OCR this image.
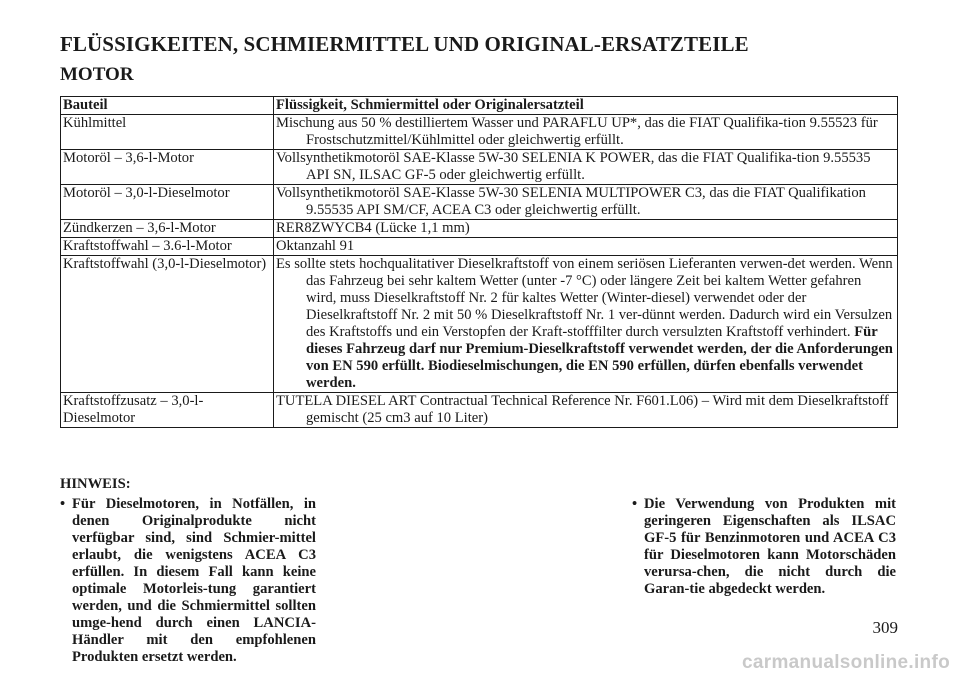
FLÜSSIGKEITEN, SCHMIERMITTEL UND ORIGINAL-ERSATZTEILE
MOTOR
Bauteil	Flüssigkeit, Schmiermittel oder Originalersatzteil
Kühlmittel	Mischung aus 50 % destilliertem Wasser und PARAFLU UP*, das die FIAT Qualifika-tion 9.55523 für Frostschutzmittel/Kühlmittel oder gleichwertig erfüllt.

Motoröl – 3,6-l-Motor	Vollsynthetikmotoröl SAE-Klasse 5W-30 SELENIA K POWER, das die FIAT Qualifika-tion 9.55535 API SN, ILSAC GF-5 oder gleichwertig erfüllt.

Motoröl – 3,0-l-Dieselmotor	Vollsynthetikmotoröl SAE-Klasse 5W-30 SELENIA MULTIPOWER C3, das die FIAT Qualifikation 9.55535 API SM/CF, ACEA C3 oder gleichwertig erfüllt.

Zündkerzen – 3,6-l-Motor	RER8ZWYCB4 (Lücke 1,1 mm)

Kraftstoffwahl – 3.6-l-Motor	Oktanzahl 91

Kraftstoffwahl (3,0-l-Dieselmotor)	Es sollte stets hochqualitativer Dieselkraftstoff von einem seriösen Lieferanten verwen-det werden. Wenn das Fahrzeug bei sehr kaltem Wetter (unter -7 °C) oder längere Zeit bei kaltem Wetter gefahren wird, muss Dieselkraftstoff Nr. 2 für kaltes Wetter (Winter-diesel) verwendet oder der Dieselkraftstoff Nr. 2 mit 50 % Dieselkraftstoff Nr. 1 ver-dünnt werden. Dadurch wird ein Versulzen des Kraftstoffs und ein Verstopfen der Kraft-stofffilter durch versulzten Kraftstoff verhindert. Für dieses Fahrzeug darf nur Premium-Dieselkraftstoff verwendet werden, der die Anforderungen von EN 590 erfüllt. Biodieselmischungen, die EN 590 erfüllen, dürfen ebenfalls verwendet werden.

Kraftstoffzusatz – 3,0-l-Dieselmotor	TUTELA DIESEL ART Contractual Technical Reference Nr. F601.L06) – Wird mit dem Dieselkraftstoff gemischt (25 cm3 auf 10 Liter)

HINWEIS:

• Für Dieselmotoren, in Notfällen, in denen Originalprodukte nicht verfügbar sind, sind Schmier-mittel erlaubt, die wenigstens ACEA C3 erfüllen. In diesem Fall kann keine optimale Motorleis-tung garantiert werden, und die Schmiermittel sollten umge-hend durch einen LANCIA-Händler mit den empfohlenen Produkten ersetzt werden.
• Die Verwendung von Produkten mit geringeren Eigenschaften als ILSAC GF-5 für Benzinmotoren und ACEA C3 für Dieselmotoren kann Motorschäden verursa-chen, die nicht durch die Garan-tie abgedeckt werden.
309
carmanualsonline.info
